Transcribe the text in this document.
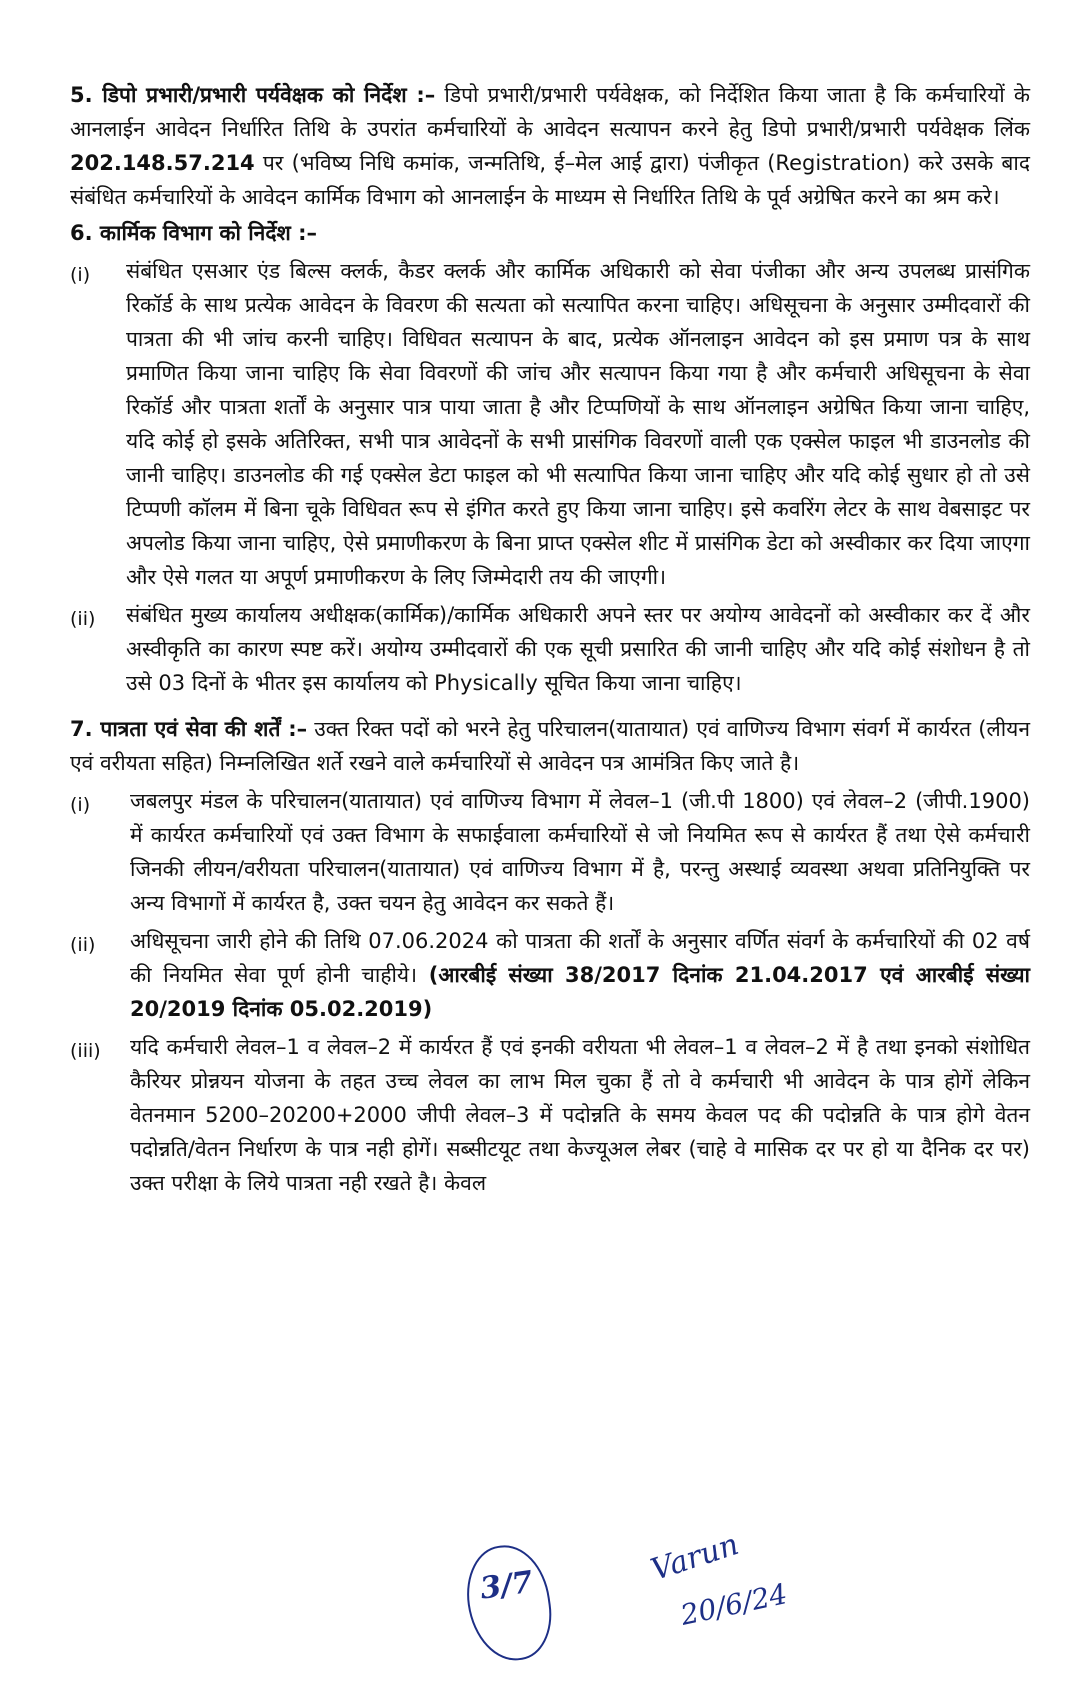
5. डिपो प्रभारी/प्रभारी पर्यवेक्षक को निर्देश :– डिपो प्रभारी/प्रभारी पर्यवेक्षक, को निर्देशित किया जाता है कि कर्मचारियों के आनलाईन आवेदन निर्धारित तिथि के उपरांत कर्मचारियों के आवेदन सत्यापन करने हेतु डिपो प्रभारी/प्रभारी पर्यवेक्षक लिंक 202.148.57.214 पर (भविष्य निधि कमांक, जन्मतिथि, ई–मेल आई द्वारा) पंजीकृत (Registration) करे उसके बाद संबंधित कर्मचारियों के आवेदन कार्मिक विभाग को आनलाईन के माध्यम से निर्धारित तिथि के पूर्व अग्रेषित करने का श्रम करे।

6. कार्मिक विभाग को निर्देश :–

(i)	संबंधित एसआर एंड बिल्स क्लर्क, कैडर क्लर्क और कार्मिक अधिकारी को सेवा पंजीका और अन्य उपलब्ध प्रासंगिक रिकॉर्ड के साथ प्रत्येक आवेदन के विवरण की सत्यता को सत्यापित करना चाहिए। अधिसूचना के अनुसार उम्मीदवारों की पात्रता की भी जांच करनी चाहिए। विधिवत सत्यापन के बाद, प्रत्येक ऑनलाइन आवेदन को इस प्रमाण पत्र के साथ प्रमाणित किया जाना चाहिए कि सेवा विवरणों की जांच और सत्यापन किया गया है और कर्मचारी अधिसूचना के सेवा रिकॉर्ड और पात्रता शर्तों के अनुसार पात्र पाया जाता है और टिप्पणियों के साथ ऑनलाइन अग्रेषित किया जाना चाहिए, यदि कोई हो इसके अतिरिक्त, सभी पात्र आवेदनों के सभी प्रासंगिक विवरणों वाली एक एक्सेल फाइल भी डाउनलोड की जानी चाहिए। डाउनलोड की गई एक्सेल डेटा फाइल को भी सत्यापित किया जाना चाहिए और यदि कोई सुधार हो तो उसे टिप्पणी कॉलम में बिना चूके विधिवत रूप से इंगित करते हुए किया जाना चाहिए। इसे कवरिंग लेटर के साथ वेबसाइट पर अपलोड किया जाना चाहिए, ऐसे प्रमाणीकरण के बिना प्राप्त एक्सेल शीट में प्रासंगिक डेटा को अस्वीकार कर दिया जाएगा और ऐसे गलत या अपूर्ण प्रमाणीकरण के लिए जिम्मेदारी तय की जाएगी।

(ii)	संबंधित मुख्य कार्यालय अधीक्षक(कार्मिक)/कार्मिक अधिकारी अपने स्तर पर अयोग्य आवेदनों को अस्वीकार कर दें और अस्वीकृति का कारण स्पष्ट करें। अयोग्य उम्मीदवारों की एक सूची प्रसारित की जानी चाहिए और यदि कोई संशोधन है तो उसे 03 दिनों के भीतर इस कार्यालय को Physically सूचित किया जाना चाहिए।

7. पात्रता एवं सेवा की शर्तें :– उक्त रिक्त पदों को भरने हेतु परिचालन(यातायात) एवं वाणिज्य विभाग संवर्ग में कार्यरत (लीयन एवं वरीयता सहित) निम्नलिखित शर्ते रखने वाले कर्मचारियों से आवेदन पत्र आमंत्रित किए जाते है।

(i)	जबलपुर मंडल के परिचालन(यातायात) एवं वाणिज्य विभाग में लेवल–1 (जी.पी 1800) एवं लेवल–2 (जीपी.1900) में कार्यरत कर्मचारियों एवं उक्त विभाग के सफाईवाला कर्मचारियों से जो नियमित रूप से कार्यरत हैं तथा ऐसे कर्मचारी जिनकी लीयन/वरीयता परिचालन(यातायात) एवं वाणिज्य विभाग में है, परन्तु अस्थाई व्यवस्था अथवा प्रतिनियुक्ति पर अन्य विभागों में कार्यरत है, उक्त चयन हेतु आवेदन कर सकते हैं।

(ii)	अधिसूचना जारी होने की तिथि 07.06.2024 को पात्रता की शर्तों के अनुसार वर्णित संवर्ग के कर्मचारियों की 02 वर्ष की नियमित सेवा पूर्ण होनी चाहीये। (आरबीई संख्या 38/2017 दिनांक 21.04.2017 एवं आरबीई संख्या 20/2019 दिनांक 05.02.2019)

(iii)	यदि कर्मचारी लेवल–1 व लेवल–2 में कार्यरत हैं एवं इनकी वरीयता भी लेवल–1 व लेवल–2 में है तथा इनको संशोधित कैरियर प्रोन्नयन योजना के तहत उच्च लेवल का लाभ मिल चुका हैं तो वे कर्मचारी भी आवेदन के पात्र होगें लेकिन वेतनमान 5200–20200+2000 जीपी लेवल–3 में पदोन्नति के समय केवल पद की पदोन्नति के पात्र होगे वेतन पदोन्नति/वेतन निर्धारण के पात्र नही होगें। सब्सीटयूट तथा केज्यूअल लेबर (चाहे वे मासिक दर पर हो या दैनिक दर पर) उक्त परीक्षा के लिये पात्रता नही रखते है। केवल

3/7	Varun
20/6/24
